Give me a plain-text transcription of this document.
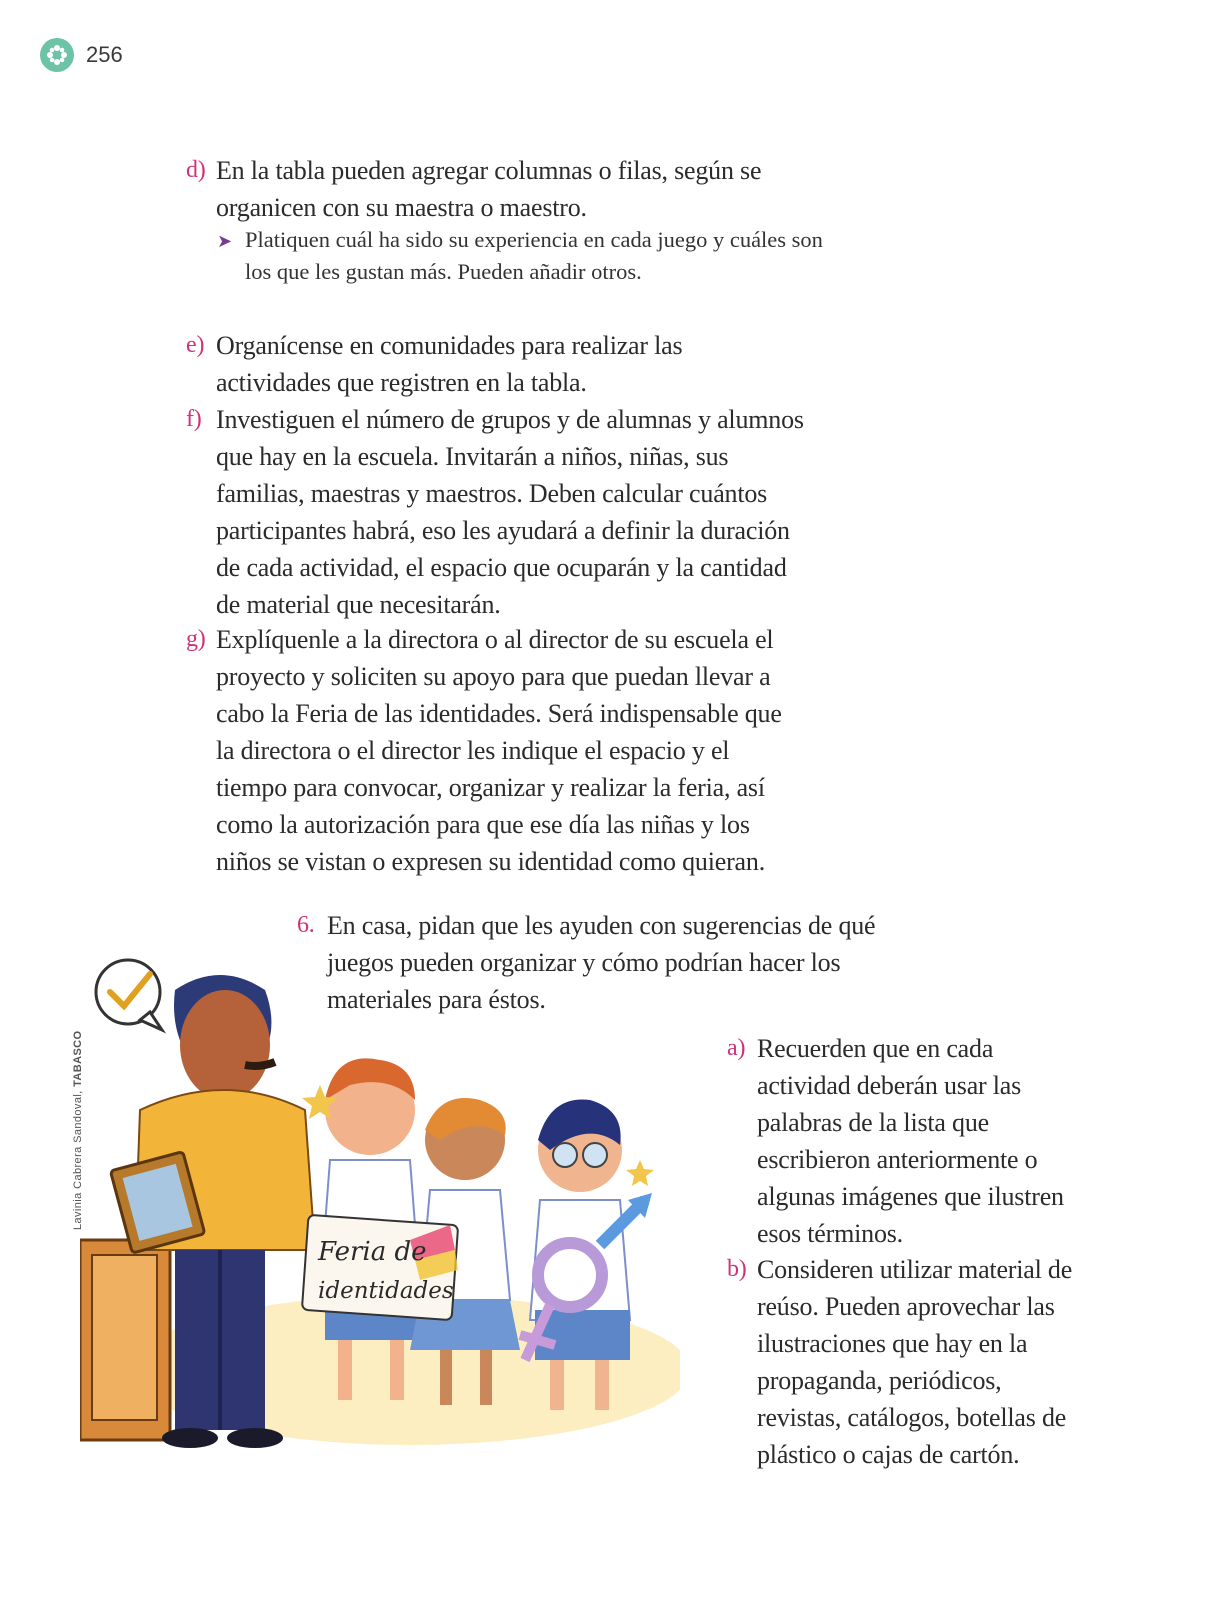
256
d) En la tabla pueden agregar columnas o filas, según se organicen con su maestra o maestro.
➤ Platiquen cuál ha sido su experiencia en cada juego y cuáles son los que les gustan más. Pueden añadir otros.
e) Organícense en comunidades para realizar las actividades que registren en la tabla.
f) Investiguen el número de grupos y de alumnas y alumnos que hay en la escuela. Invitarán a niños, niñas, sus familias, maestras y maestros. Deben calcular cuántos participantes habrá, eso les ayudará a definir la duración de cada actividad, el espacio que ocuparán y la cantidad de material que necesitarán.
g) Explíquenle a la directora o al director de su escuela el proyecto y soliciten su apoyo para que puedan llevar a cabo la Feria de las identidades. Será indispensable que la directora o el director les indique el espacio y el tiempo para convocar, organizar y realizar la feria, así como la autorización para que ese día las niñas y los niños se vistan o expresen su identidad como quieran.
6. En casa, pidan que les ayuden con sugerencias de qué juegos pueden organizar y cómo podrían hacer los materiales para éstos.
a) Recuerden que en cada actividad deberán usar las palabras de la lista que escribieron anteriormente o algunas imágenes que ilustren esos términos.
b) Consideren utilizar material de reúso. Pueden aprovechar las ilustraciones que hay en la propaganda, periódicos, revistas, catálogos, botellas de plástico o cajas de cartón.
Lavinia Cabrera Sandoval, TABASCO
Feria de
identidades
